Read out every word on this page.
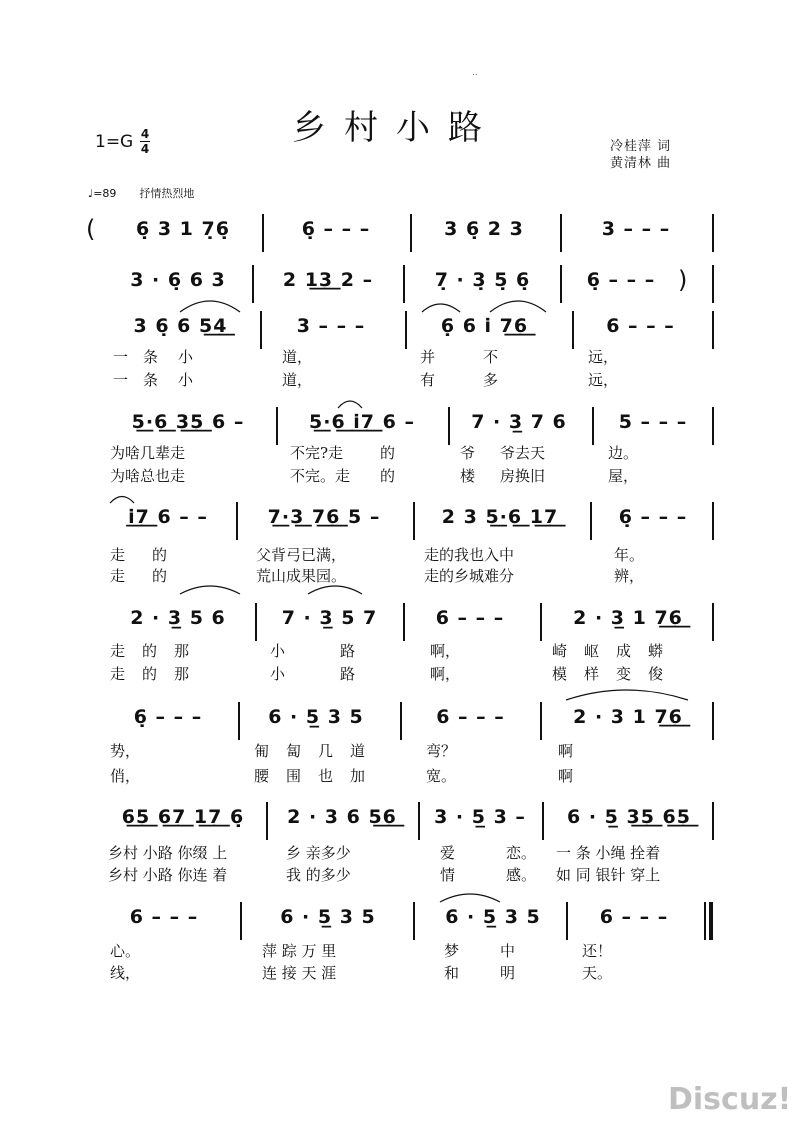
..
乡村小路
1=G 4
4	冷桂萍 词
黄清林 曲
♩=89 抒情热烈地
(	6̣ 3 1 7̣6̣	6̣ – – –	3 6̣ 2 3	3 – – –
3 · 6̣ 6 3	2 1͟3͟ 2 –	7̣ · 3̣ 5̣ 6̣	6̣ – – – )
3 6̣ 6 5͟4͟	3 – – –	6̣ 6 i̇ 7͟6͟	6 – – –
一 条 小	道，	并	不	远，
一 条 小	道，	有	多	远，
5͟·6͟ 3͟5͟ 6 –	5͟·6͟ i̇͟7͟ 6 –	7 · 3̲ 7 6	5 – – –
为啥几辈走	不完?走 的	爷 爷去天	边。
为啥总也走	不完。走 的	楼 房换旧	屋，
i̇͟7͟ 6 – –	7͟·3͟ 7͟6͟ 5 –	2 3 5͟·6͟ 1͟7͟	6̣ – – –
走 的	父背弓已满，	走的我也入中	年。
走 的	荒山成果园。	走的乡城难分	辨，
2 · 3̲ 5 6	7 · 3̲ 5 7	6 – – –	2 · 3̲ 1 7͟6͟
走的那	小	路	啊，	崎岖成蟒
走的那	小	路	啊，	模样变俊
6̣ – – –	6 · 5̲ 3 5	6 – – –	2 · 3 1 7͟6͟
势，	匍匐几道	弯？	啊
俏，	腰围也加	宽。	啊
6͟5͟ 6͟7͟ 1͟7͟ 6̣	2 · 3 6 5͟6͟	3 · 5̲ 3 –	6 · 5̲ 3͟5͟ 6͟5͟
乡村 小路 你缀 上	乡 亲多少	爱	恋。 一 条 小绳 拴着
乡村 小路 你连 着	我 的多少	情	感。 如 同 银针 穿上
6 – – –	6 · 5̲ 3 5	6 · 5̲ 3 5	6 – – –
心。	萍 踪 万 里	梦	中	还！
线，	连 接 天 涯	和	明	天。
Discuz!
